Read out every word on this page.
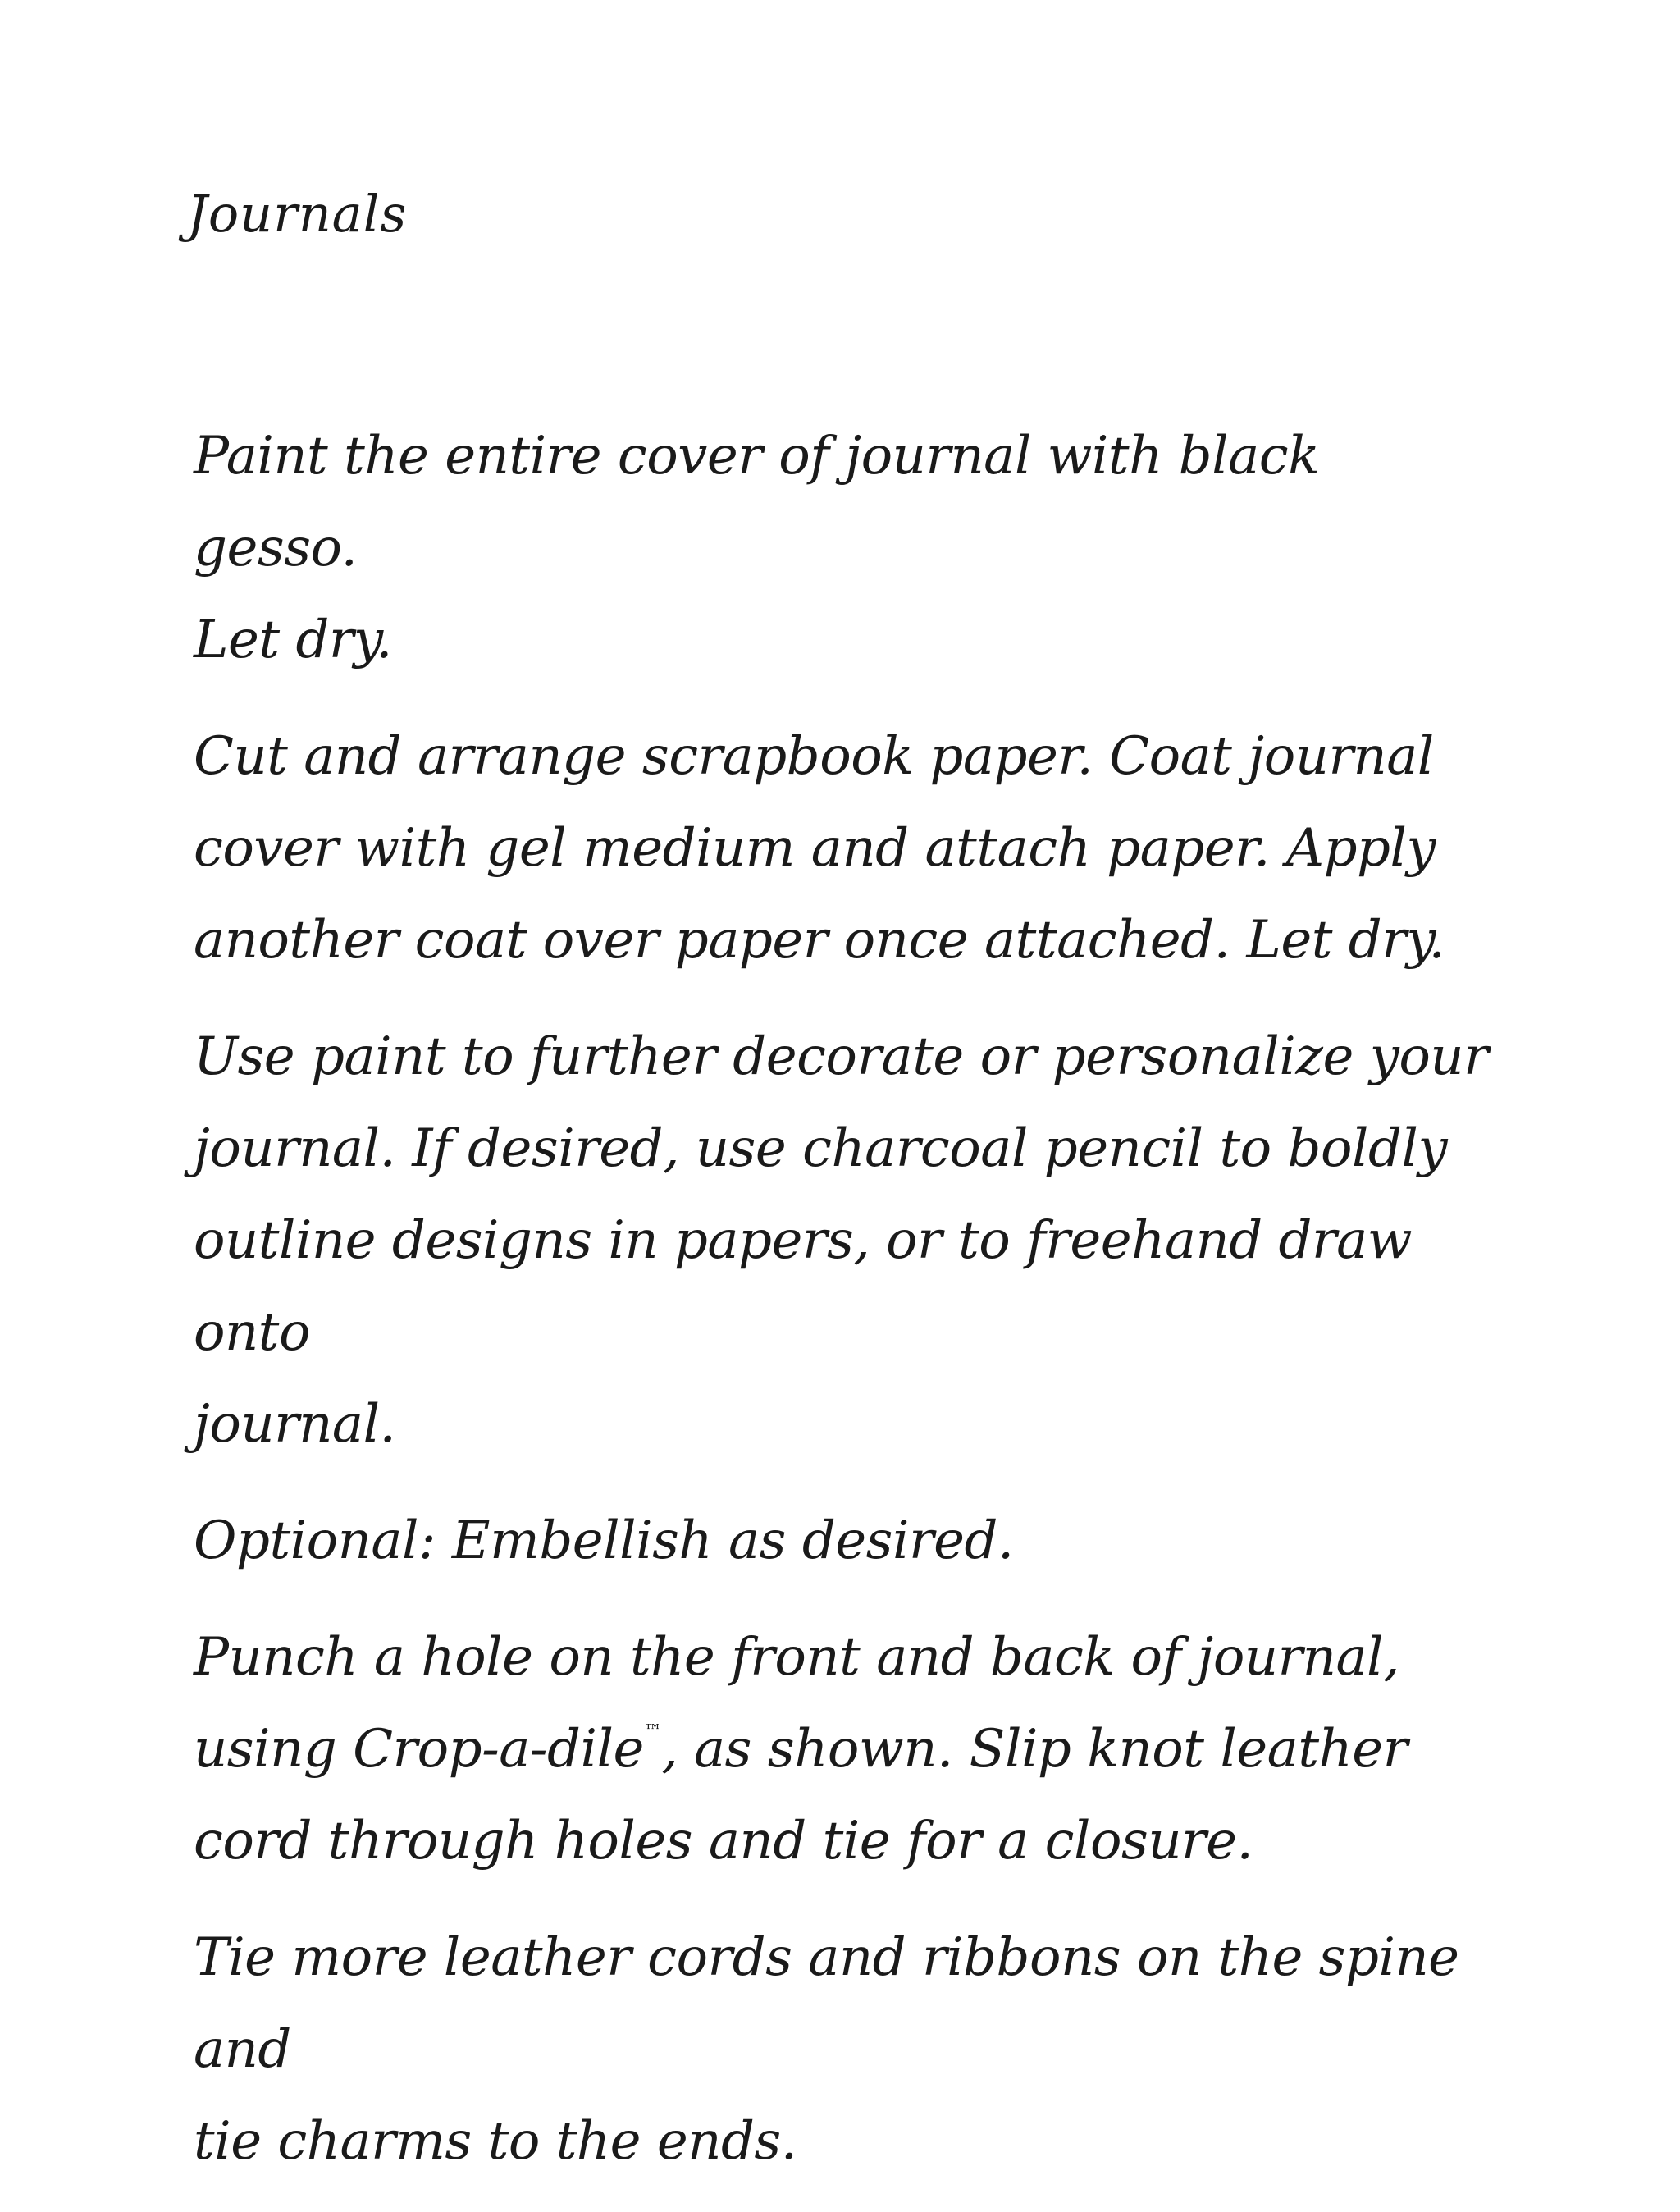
Journals

Paint the entire cover of journal with black gesso.
Let dry.

Cut and arrange scrapbook paper. Coat journal
cover with gel medium and attach paper. Apply
another coat over paper once attached. Let dry.

Use paint to further decorate or personalize your
journal. If desired, use charcoal pencil to boldly
outline designs in papers, or to freehand draw onto
journal.

Optional: Embellish as desired.

Punch a hole on the front and back of journal,
using Crop-a-dile™, as shown. Slip knot leather
cord through holes and tie for a closure.

Tie more leather cords and ribbons on the spine and
tie charms to the ends.
